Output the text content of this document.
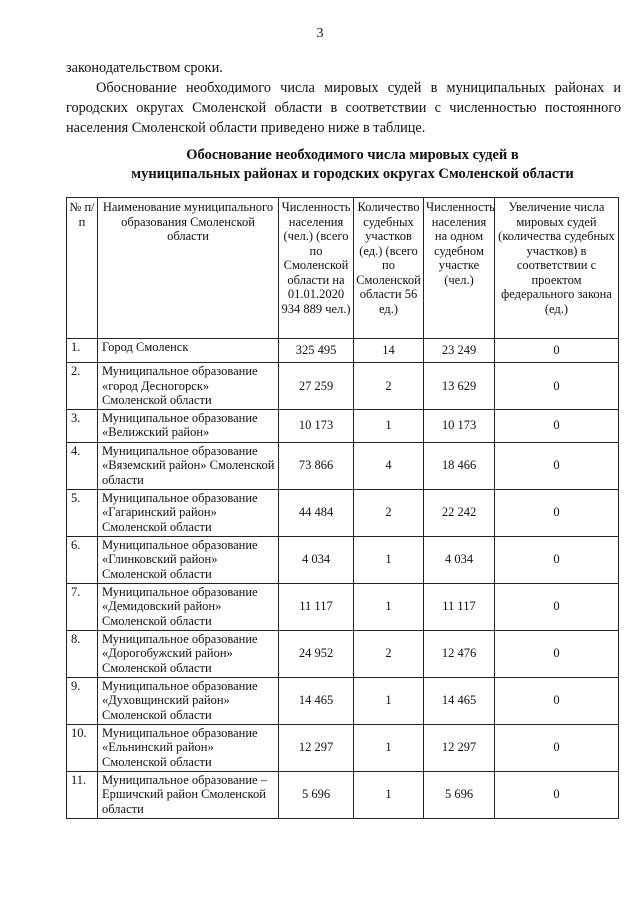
3

законодательством сроки.

Обоснование необходимого числа мировых судей в муниципальных районах и городских округах Смоленской области в соответствии с численностью постоянного населения Смоленской области приведено ниже в таблице.

Обоснование необходимого числа мировых судей в
муниципальных районах и городских округах Смоленской области
№ п/п	Наименование муниципального образования Смоленской области	Численность населения (чел.) (всего по Смоленской области на 01.01.2020 934 889 чел.)	Количество судебных участков (ед.) (всего по Смоленской области 56 ед.)	Численность населения на одном судебном участке (чел.)	Увеличение числа мировых судей (количества судебных участков) в соответствии с проектом федерального закона (ед.)
1.	Город Смоленск	325 495	14	23 249	0
2.	Муниципальное образование «город Десногорск» Смоленской области	27 259	2	13 629	0
3.	Муниципальное образование «Велижский район»	10 173	1	10 173	0
4.	Муниципальное образование «Вяземский район» Смоленской области	73 866	4	18 466	0
5.	Муниципальное образование «Гагаринский район» Смоленской области	44 484	2	22 242	0
6.	Муниципальное образование «Глинковский район» Смоленской области	4 034	1	4 034	0
7.	Муниципальное образование «Демидовский район» Смоленской области	11 117	1	11 117	0
8.	Муниципальное образование «Дорогобужский район» Смоленской области	24 952	2	12 476	0
9.	Муниципальное образование «Духовщинский район» Смоленской области	14 465	1	14 465	0
10.	Муниципальное образование «Ельнинский район» Смоленской области	12 297	1	12 297	0
11.	Муниципальное образование – Ершичский район Смоленской области	5 696	1	5 696	0
